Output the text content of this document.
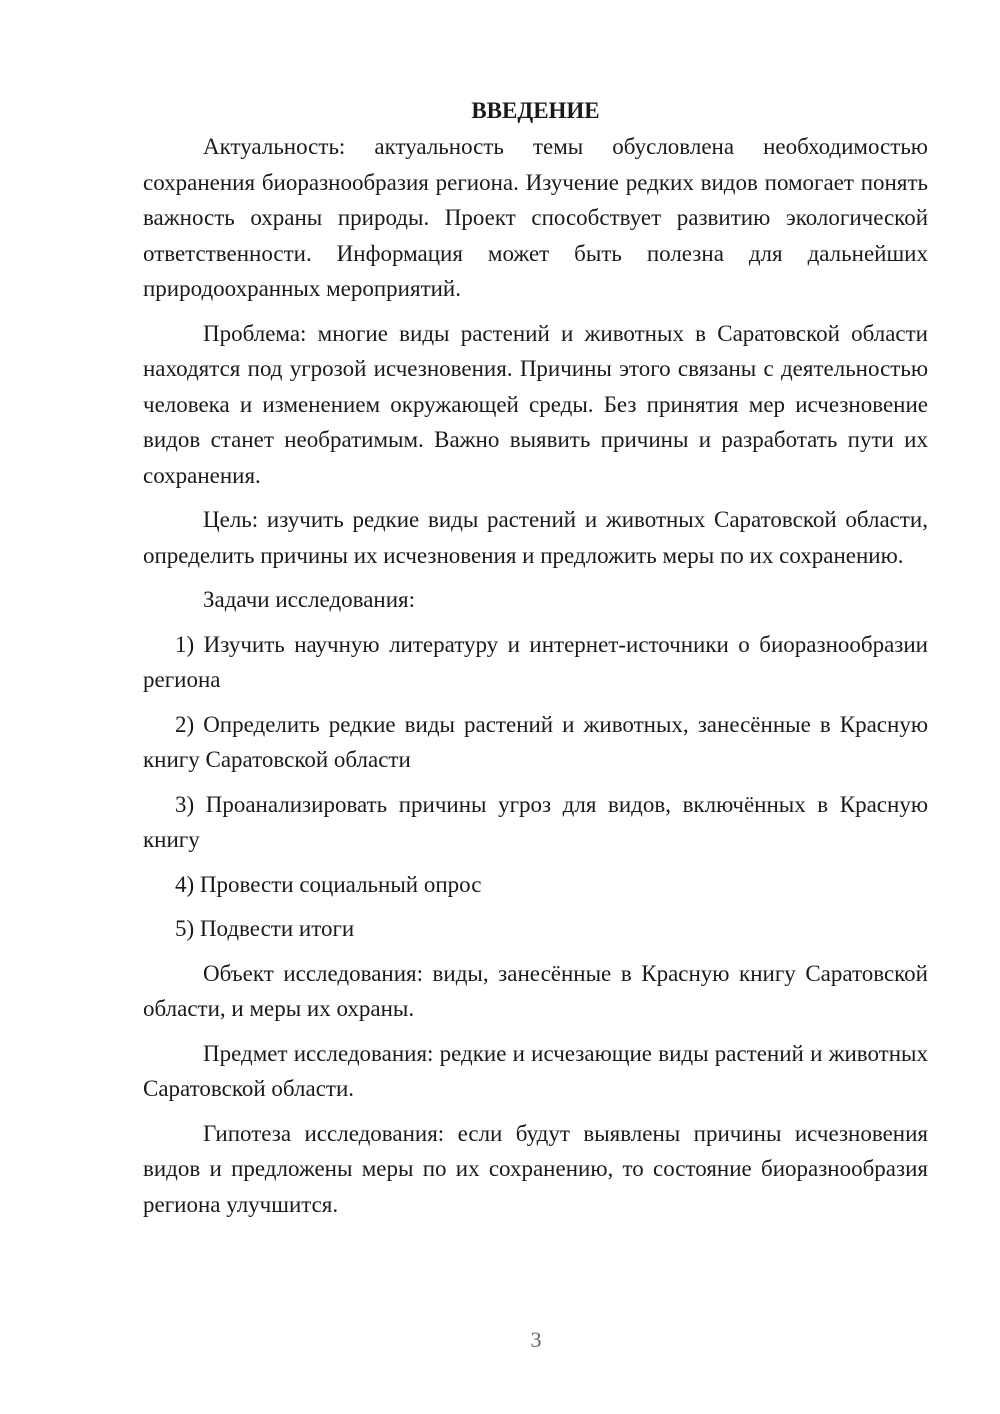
ВВЕДЕНИЕ

Актуальность: актуальность темы обусловлена необходимостью сохранения биоразнообразия региона. Изучение редких видов помогает понять важность охраны природы. Проект способствует развитию экологической ответственности. Информация может быть полезна для дальнейших природоохранных мероприятий.

Проблема: многие виды растений и животных в Саратовской области находятся под угрозой исчезновения. Причины этого связаны с деятельностью человека и изменением окружающей среды. Без принятия мер исчезновение видов станет необратимым. Важно выявить причины и разработать пути их сохранения.

Цель: изучить редкие виды растений и животных Саратовской области, определить причины их исчезновения и предложить меры по их сохранению.

Задачи исследования:

1) Изучить научную литературу и интернет-источники о биоразнообразии региона

2) Определить редкие виды растений и животных, занесённые в Красную книгу Саратовской области

3) Проанализировать причины угроз для видов, включённых в Красную книгу

4) Провести социальный опрос

5) Подвести итоги

Объект исследования: виды, занесённые в Красную книгу Саратовской области, и меры их охраны.

Предмет исследования: редкие и исчезающие виды растений и животных Саратовской области.

Гипотеза исследования: если будут выявлены причины исчезновения видов и предложены меры по их сохранению, то состояние биоразнообразия региона улучшится.

3
